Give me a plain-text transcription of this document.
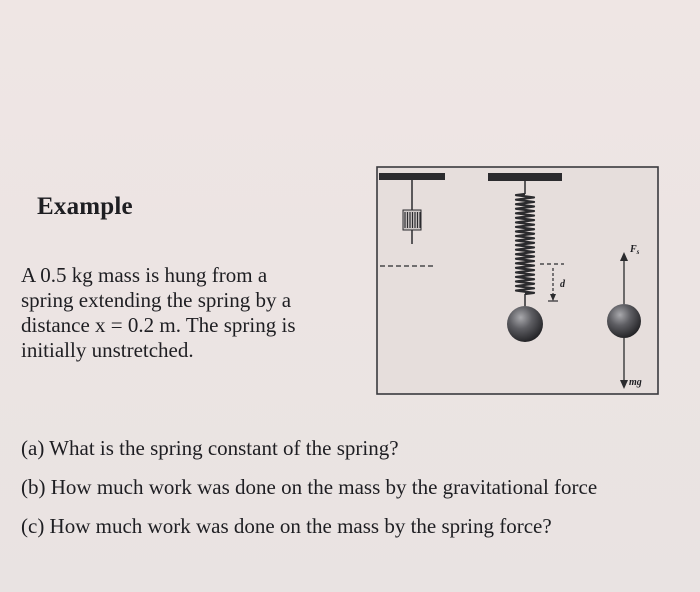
Example

A 0.5 kg mass is hung from a
spring extending the spring by a
distance x = 0.2 m. The spring is
initially unstretched.

d
$F_s$
mg
(a) What is the spring constant of the spring?
(b) How much work was done on the mass by the gravitational force
(c) How much work was done on the mass by the spring force?
